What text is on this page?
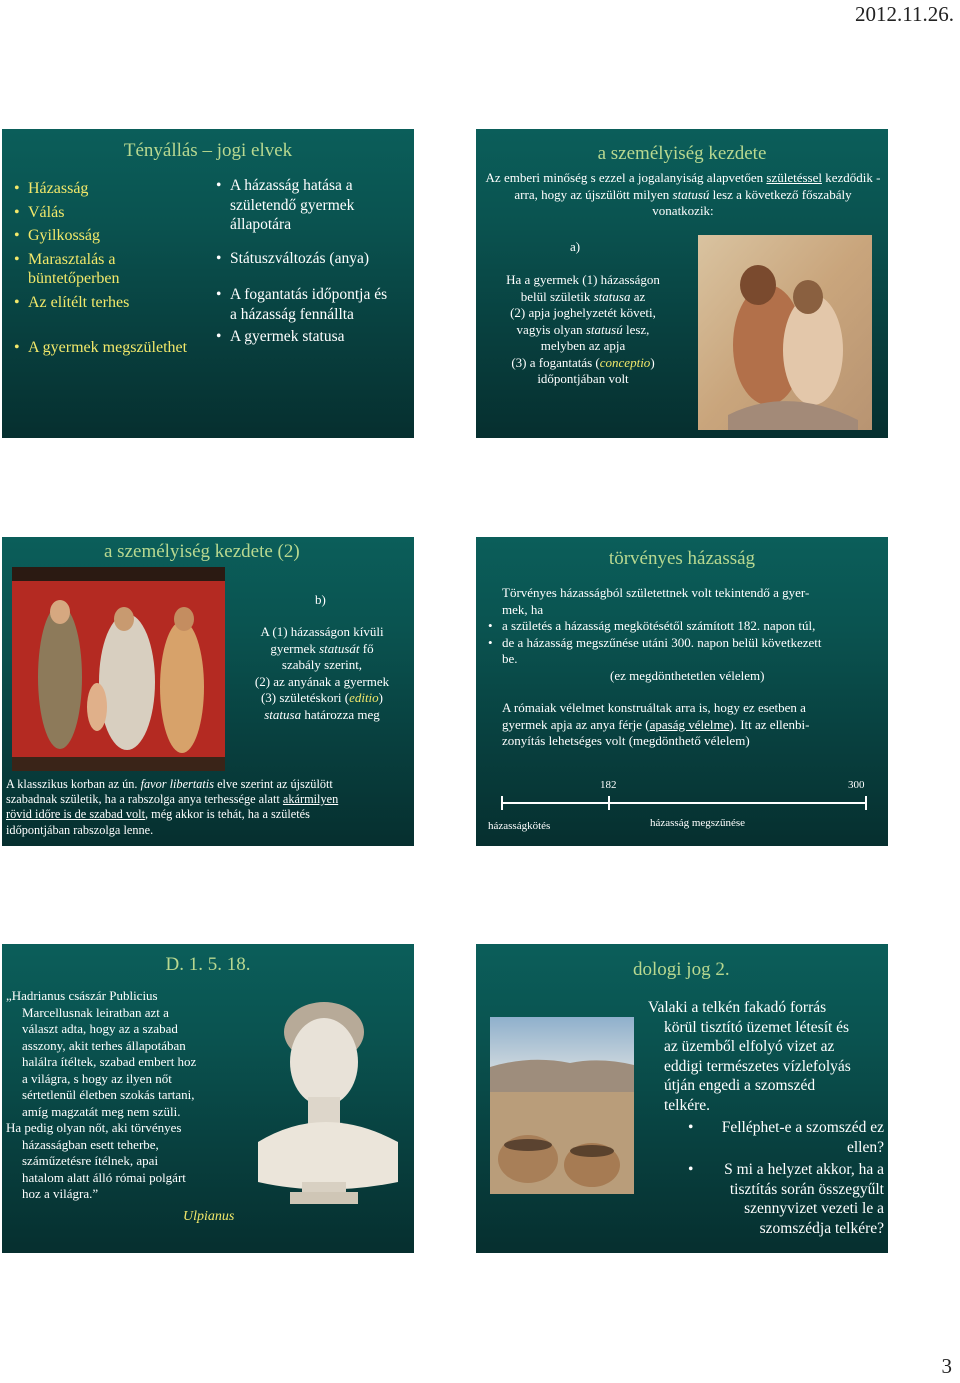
2012.11.26.
Tényállás – jogi elvek
• Házasság
• Válás
• Gyilkosság
• Marasztalás a büntetőperben
• Az elítélt terhes
• A gyermek megszülethet
• A házasság hatása a születendő gyermek állapotára
• Státuszváltozás (anya)
• A fogantatás időpontja és a házasság fennállta
• A gyermek statusa
a személyiség kezdete
Az emberi minőség s ezzel a jogalanyiság alapvetően születéssel kezdődik -
arra, hogy az újszülött milyen statusú lesz a következő főszabály vonatkozik:
a)
Ha a gyermek (1) házasságon
belül születik statusa az
(2) apja joghelyzetét követi,
vagyis olyan statusú lesz,
melyben az apja
(3) a fogantatás (conceptio)
időpontjában volt
a személyiség kezdete (2)
b)
A (1) házasságon kívüli
gyermek statusát fő
szabály szerint,
(2) az anyának a gyermek
(3) születéskori (editio)
statusa határozza meg
A klasszikus korban az ún. favor libertatis elve szerint az újszülött
szabadnak születik, ha a rabszolga anya terhessége alatt akármilyen
rövid időre is de szabad volt, még akkor is tehát, ha a születés
időpontjában rabszolga lenne.
törvényes házasság
Törvényes házasságból születettnek volt tekintendő a gyer-
mek, ha
• a születés a házasság megkötésétől számított 182. napon túl,
• de a házasság megszűnése utáni 300. napon belül következett
be.
(ez megdönthetetlen vélelem)
A rómaiak vélelmet konstruáltak arra is, hogy ez esetben a
gyermek apja az anya férje (apaság vélelme). Itt az ellenbi-
zonyítás lehetséges volt (megdönthető vélelem)
182	300
házasságkötés	házasság megszűnése
D. 1. 5. 18.
„Hadrianus császár Publicius
Marcellusnak leiratban azt a
választ adta, hogy az a szabad
asszony, akit terhes állapotában
halálra ítéltek, szabad embert hoz
a világra, s hogy az ilyen nőt
sértetlenül életben szokás tartani,
amíg magzatát meg nem szüli.
Ha pedig olyan nőt, aki törvényes
házasságban esett teherbe,
száműzetésre ítélnek, apai
hatalom alatt álló római polgárt
hoz a világra.”
Ulpianus
dologi jog 2.
Valaki a telkén fakadó forrás
körül tisztító üzemet létesít és
az üzemből elfolyó vizet az
eddigi természetes vízlefolyás
útján engedi a szomszéd
telkére.
• Felléphet-e a szomszéd ez
ellen?
• S mi a helyzet akkor, ha a
tisztítás során összegyűlt
szennyvizet vezeti le a
szomszédja telkére?
3
